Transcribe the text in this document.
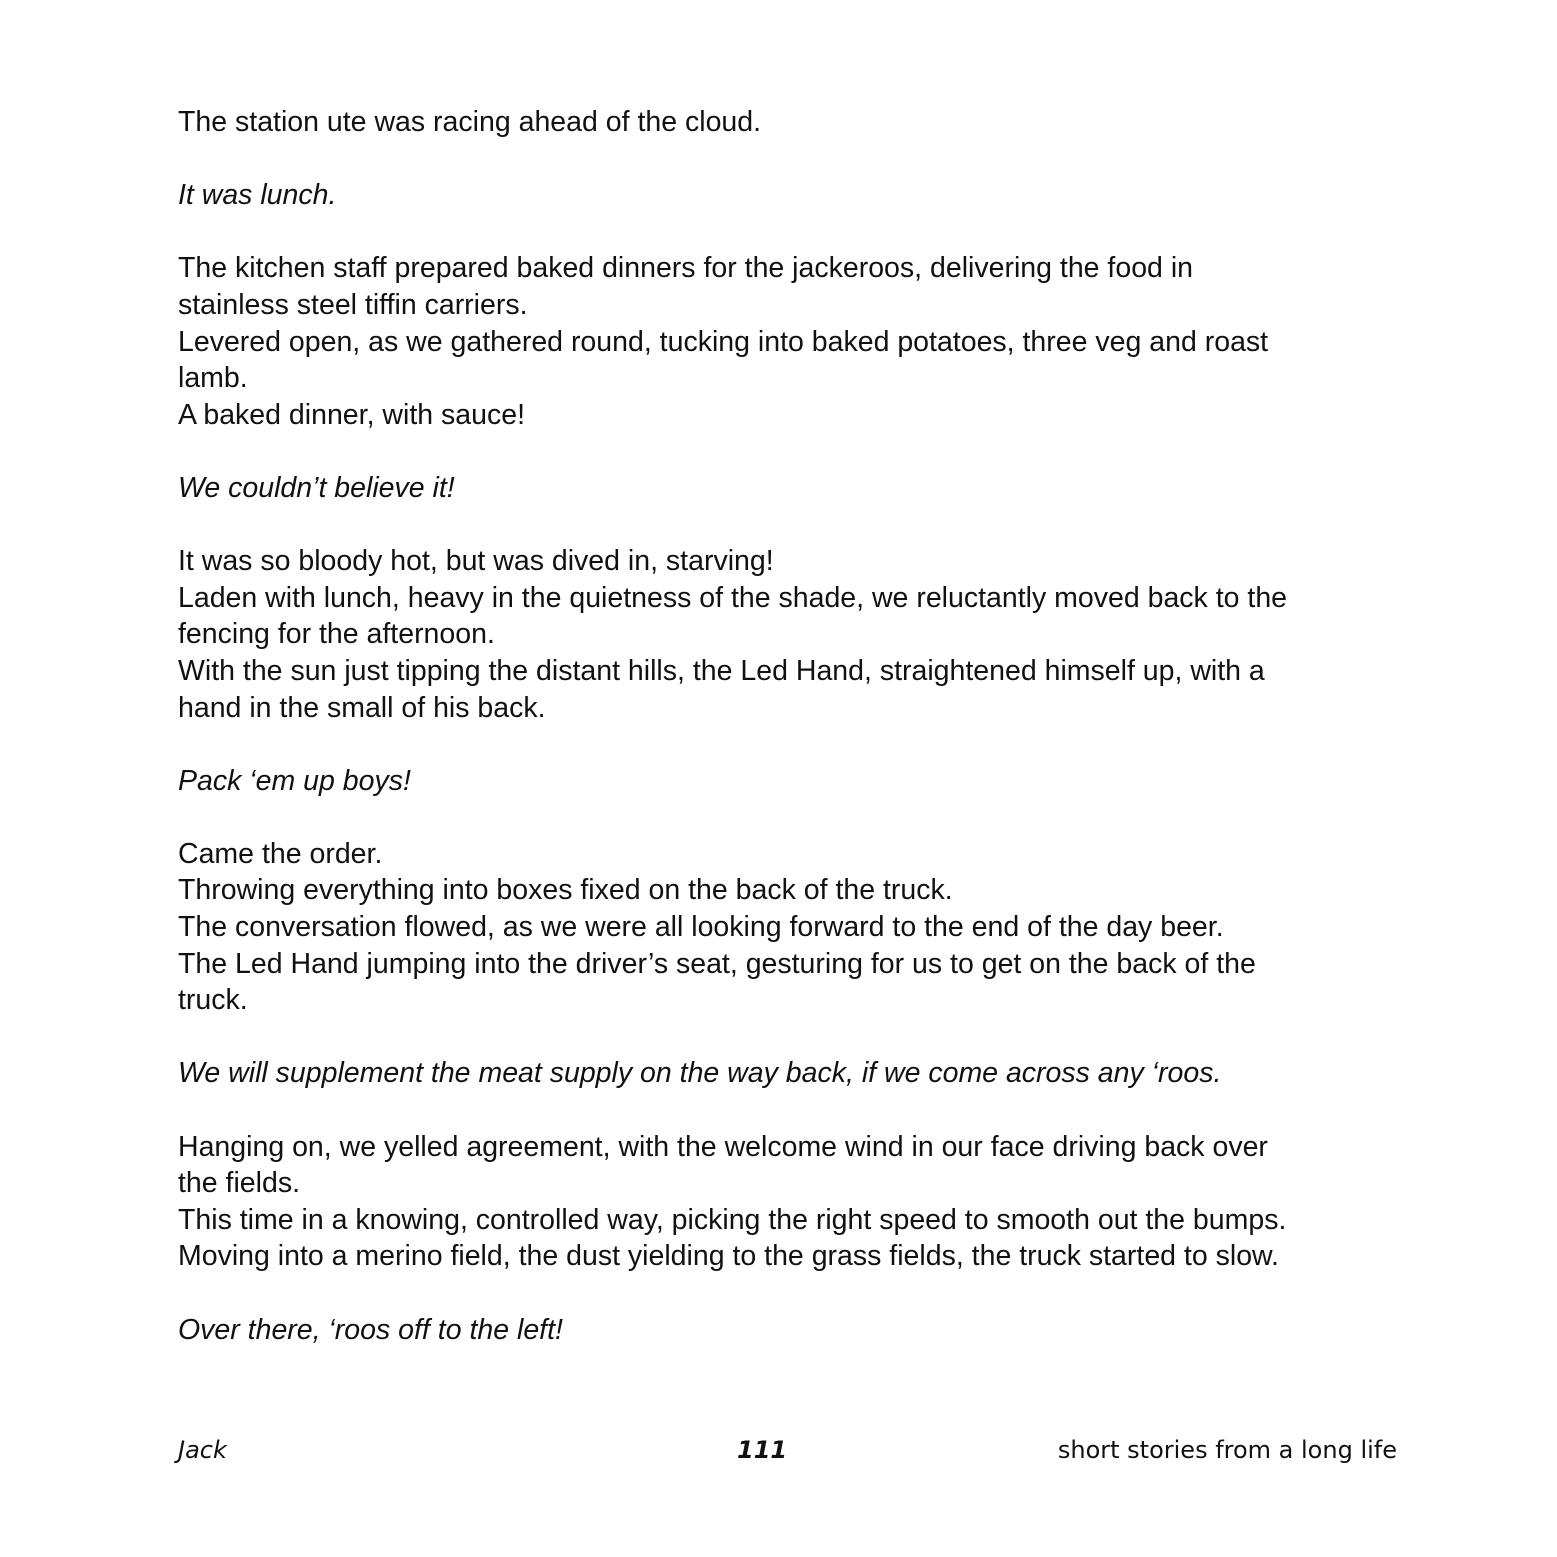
The station ute was racing ahead of the cloud.

It was lunch.

The kitchen staff prepared baked dinners for the jackeroos, delivering the food in
stainless steel tiffin carriers.
Levered open, as we gathered round, tucking into baked potatoes, three veg and roast
lamb.
A baked dinner, with sauce!

We couldn’t believe it!

It was so bloody hot, but was dived in, starving!
Laden with lunch, heavy in the quietness of the shade, we reluctantly moved back to the
fencing for the afternoon.
With the sun just tipping the distant hills, the Led Hand, straightened himself up, with a
hand in the small of his back.

Pack ‘em up boys!

Came the order.
Throwing everything into boxes fixed on the back of the truck.
The conversation flowed, as we were all looking forward to the end of the day beer.
The Led Hand jumping into the driver’s seat, gesturing for us to get on the back of the
truck.

We will supplement the meat supply on the way back, if we come across any ‘roos.

Hanging on, we yelled agreement, with the welcome wind in our face driving back over
the fields.
This time in a knowing, controlled way, picking the right speed to smooth out the bumps.
Moving into a merino field, the dust yielding to the grass fields, the truck started to slow.

Over there, ‘roos off to the left!

Jack	111	short stories from a long life
